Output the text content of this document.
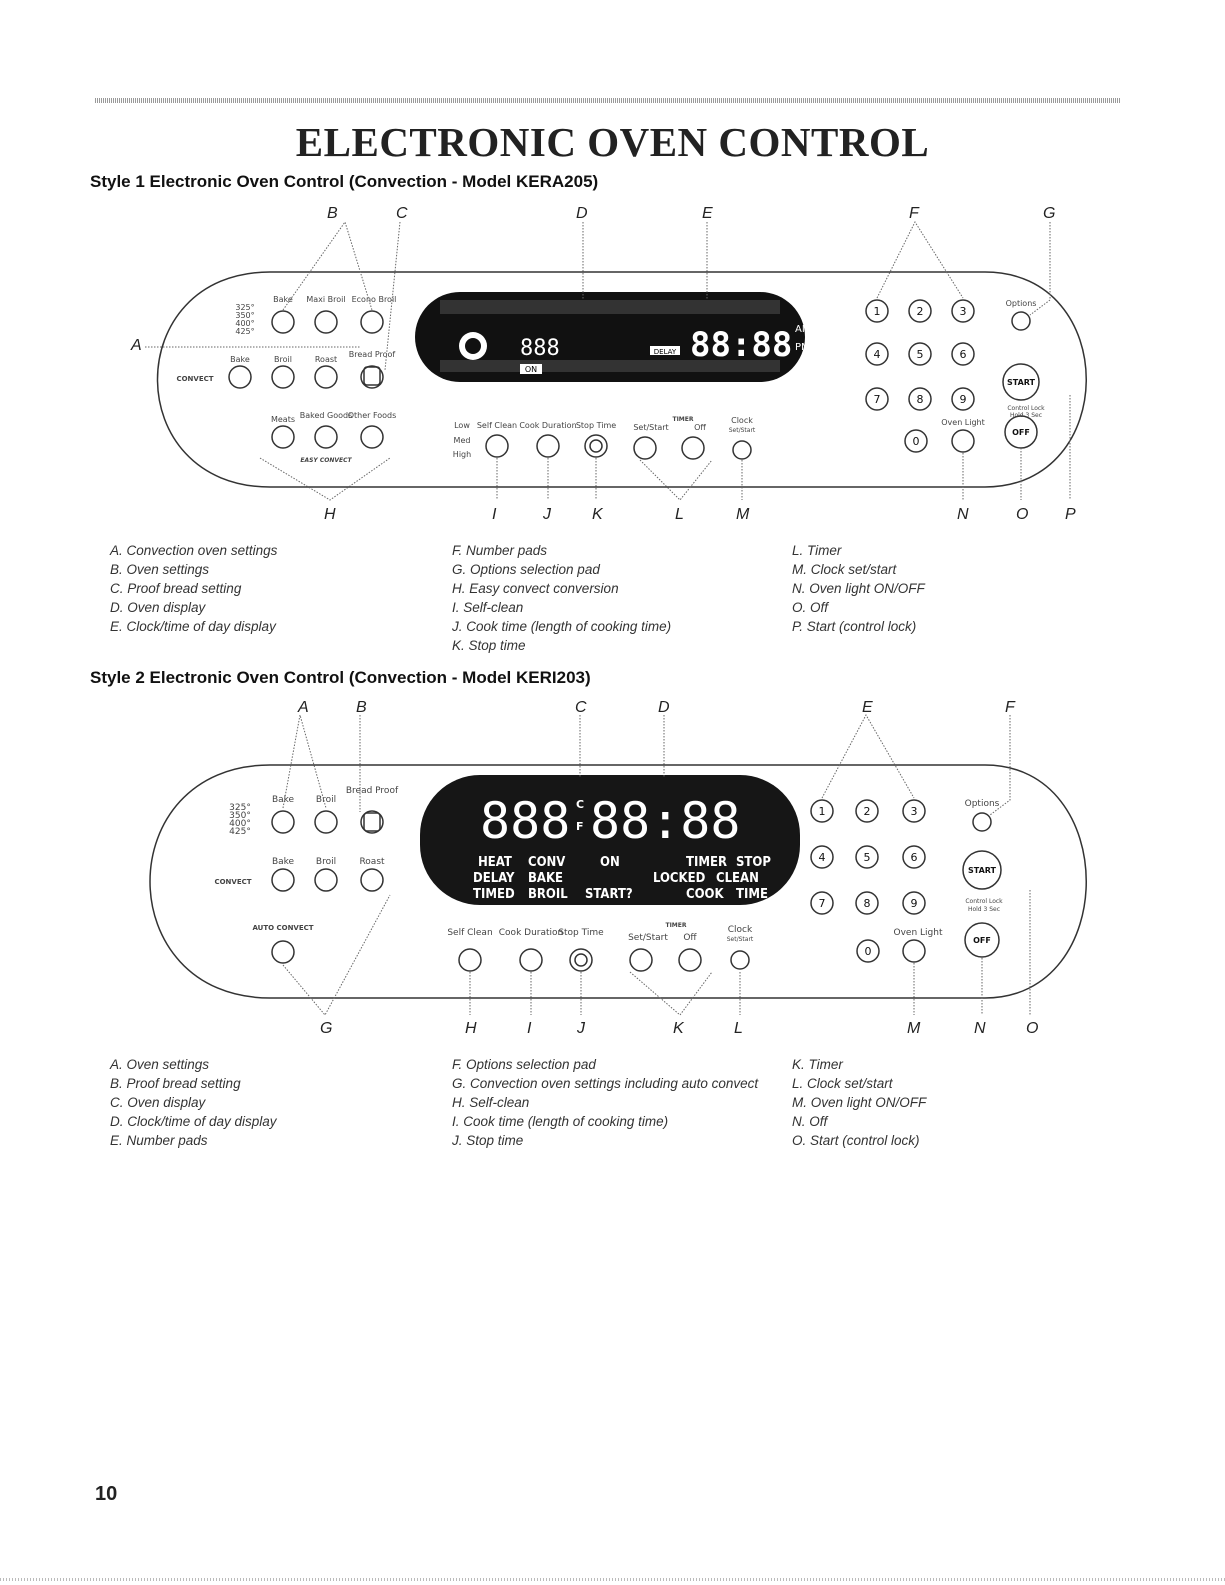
ELECTRONIC OVEN CONTROL
Style 1 Electronic Oven Control (Convection - Model KERA205)
88:88 AM
PM
888
ON
DELAY
1	2	3
4	5	6
7	8	9
0
START
OFF
Bake Maxi Broil Econo Broil
Bake	Broil	Roast
Bread Proof
CONVECT
Meats Baked Goods
Other Foods
EASY CONVECT
325°
350°
400°
425°
Low
Med
High
Self Clean Cook Duration Stop Time
TIMER
Set/Start	Off
Clock
Set/Start
Options
Control Lock
Hold 3 Sec
Oven Light
B	C	D	E	F	G
A
H	I	J	K	L	M	N	O P
A. Convection oven settings
B. Oven settings
C. Proof bread setting
D. Oven display
E. Clock/time of day display
F. Number pads
G. Options selection pad
H. Easy convect conversion
I. Self-clean
J. Cook time (length of cooking time)
K. Stop time
L. Timer
M. Clock set/start
N. Oven light ON/OFF
O. Off
P. Start (control lock)
Style 2 Electronic Oven Control (Convection - Model KERI203)
888 C
F 88:88
HEAT CONV	ON	TIMER STOP
DELAY BAKE	LOCKED CLEAN
TIMED BROIL START?	COOK TIME
1	2	3
4	5	6
7	8	9
0
START
OFF
Bake Broil
Bread Proof
Bake Broil	Roast
CONVECT
AUTO CONVECT
325°
350°
400°
425°
Self Clean Cook Duration
Stop Time
TIMER
Set/Start Off
Clock
Set/Start
Options
Control Lock
Hold 3 Sec
Oven Light
A	B	C	D	E	F
G	H	I	J	K	L	M	N	O
A. Oven settings
B. Proof bread setting
C. Oven display
D. Clock/time of day display
E. Number pads
F. Options selection pad
G. Convection oven settings including auto convect
H. Self-clean
I. Cook time (length of cooking time)
J. Stop time
K. Timer
L. Clock set/start
M. Oven light ON/OFF
N. Off
O. Start (control lock)
10
